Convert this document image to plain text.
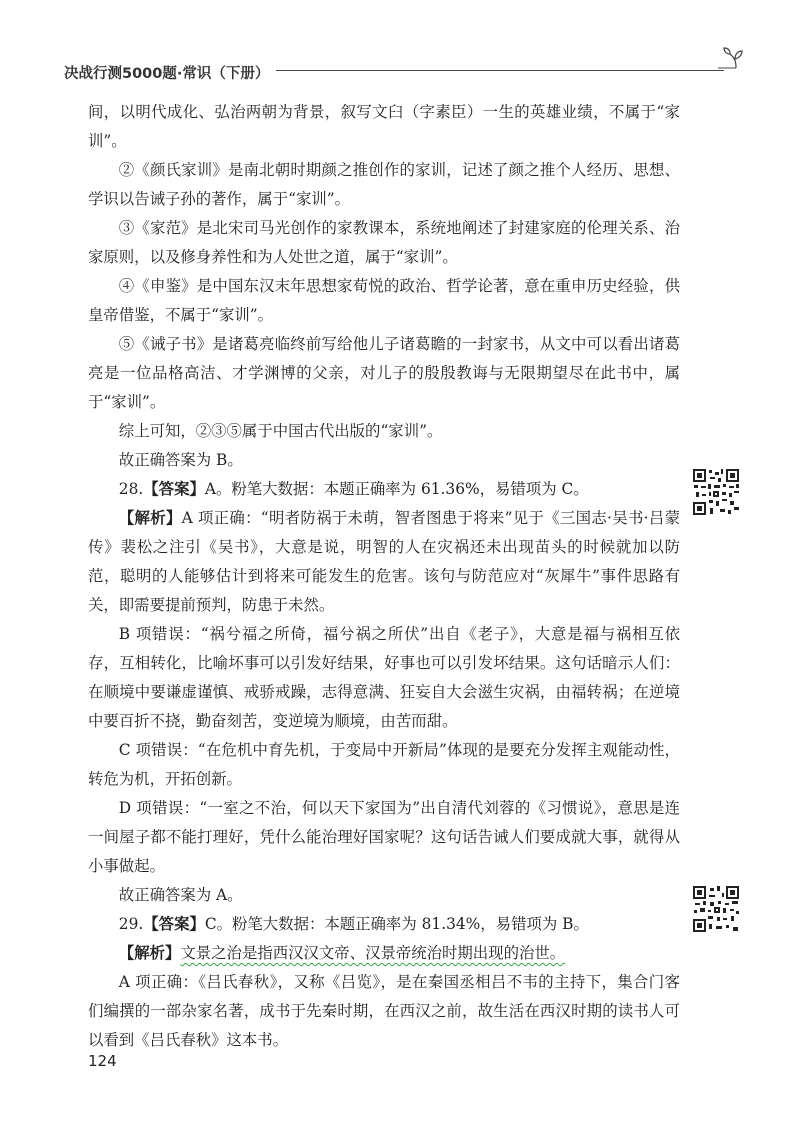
决战行测5000题·常识（下册）

间，以明代成化、弘治两朝为背景，叙写文臼（字素臣）一生的英雄业绩，不属于“家训”。

②《颜氏家训》是南北朝时期颜之推创作的家训，记述了颜之推个人经历、思想、学识以告诫子孙的著作，属于“家训”。

③《家范》是北宋司马光创作的家教课本，系统地阐述了封建家庭的伦理关系、治家原则，以及修身养性和为人处世之道，属于“家训”。

④《申鉴》是中国东汉末年思想家荀悦的政治、哲学论著，意在重申历史经验，供皇帝借鉴，不属于“家训”。

⑤《诫子书》是诸葛亮临终前写给他儿子诸葛瞻的一封家书，从文中可以看出诸葛亮是一位品格高洁、才学渊博的父亲，对儿子的殷殷教诲与无限期望尽在此书中，属于“家训”。

综上可知，②③⑤属于中国古代出版的“家训”。

故正确答案为 B。

28.【答案】A。粉笔大数据：本题正确率为 61.36%，易错项为 C。

【解析】A 项正确：“明者防祸于未萌，智者图患于将来”见于《三国志·吴书·吕蒙传》裴松之注引《吴书》，大意是说，明智的人在灾祸还未出现苗头的时候就加以防范，聪明的人能够估计到将来可能发生的危害。该句与防范应对“灰犀牛”事件思路有关，即需要提前预判，防患于未然。

B 项错误：“祸兮福之所倚，福兮祸之所伏”出自《老子》，大意是福与祸相互依存，互相转化，比喻坏事可以引发好结果，好事也可以引发坏结果。这句话暗示人们：在顺境中要谦虚谨慎、戒骄戒躁，志得意满、狂妄自大会滋生灾祸，由福转祸；在逆境中要百折不挠，勤奋刻苦，变逆境为顺境，由苦而甜。

C 项错误：“在危机中育先机，于变局中开新局”体现的是要充分发挥主观能动性，转危为机，开拓创新。

D 项错误：“一室之不治，何以天下家国为”出自清代刘蓉的《习惯说》，意思是连一间屋子都不能打理好，凭什么能治理好国家呢？这句话告诫人们要成就大事，就得从小事做起。

故正确答案为 A。

29.【答案】C。粉笔大数据：本题正确率为 81.34%，易错项为 B。

【解析】文景之治是指西汉汉文帝、汉景帝统治时期出现的治世。

A 项正确：《吕氏春秋》，又称《吕览》，是在秦国丞相吕不韦的主持下，集合门客们编撰的一部杂家名著，成书于先秦时期，在西汉之前，故生活在西汉时期的读书人可以看到《吕氏春秋》这本书。

124
